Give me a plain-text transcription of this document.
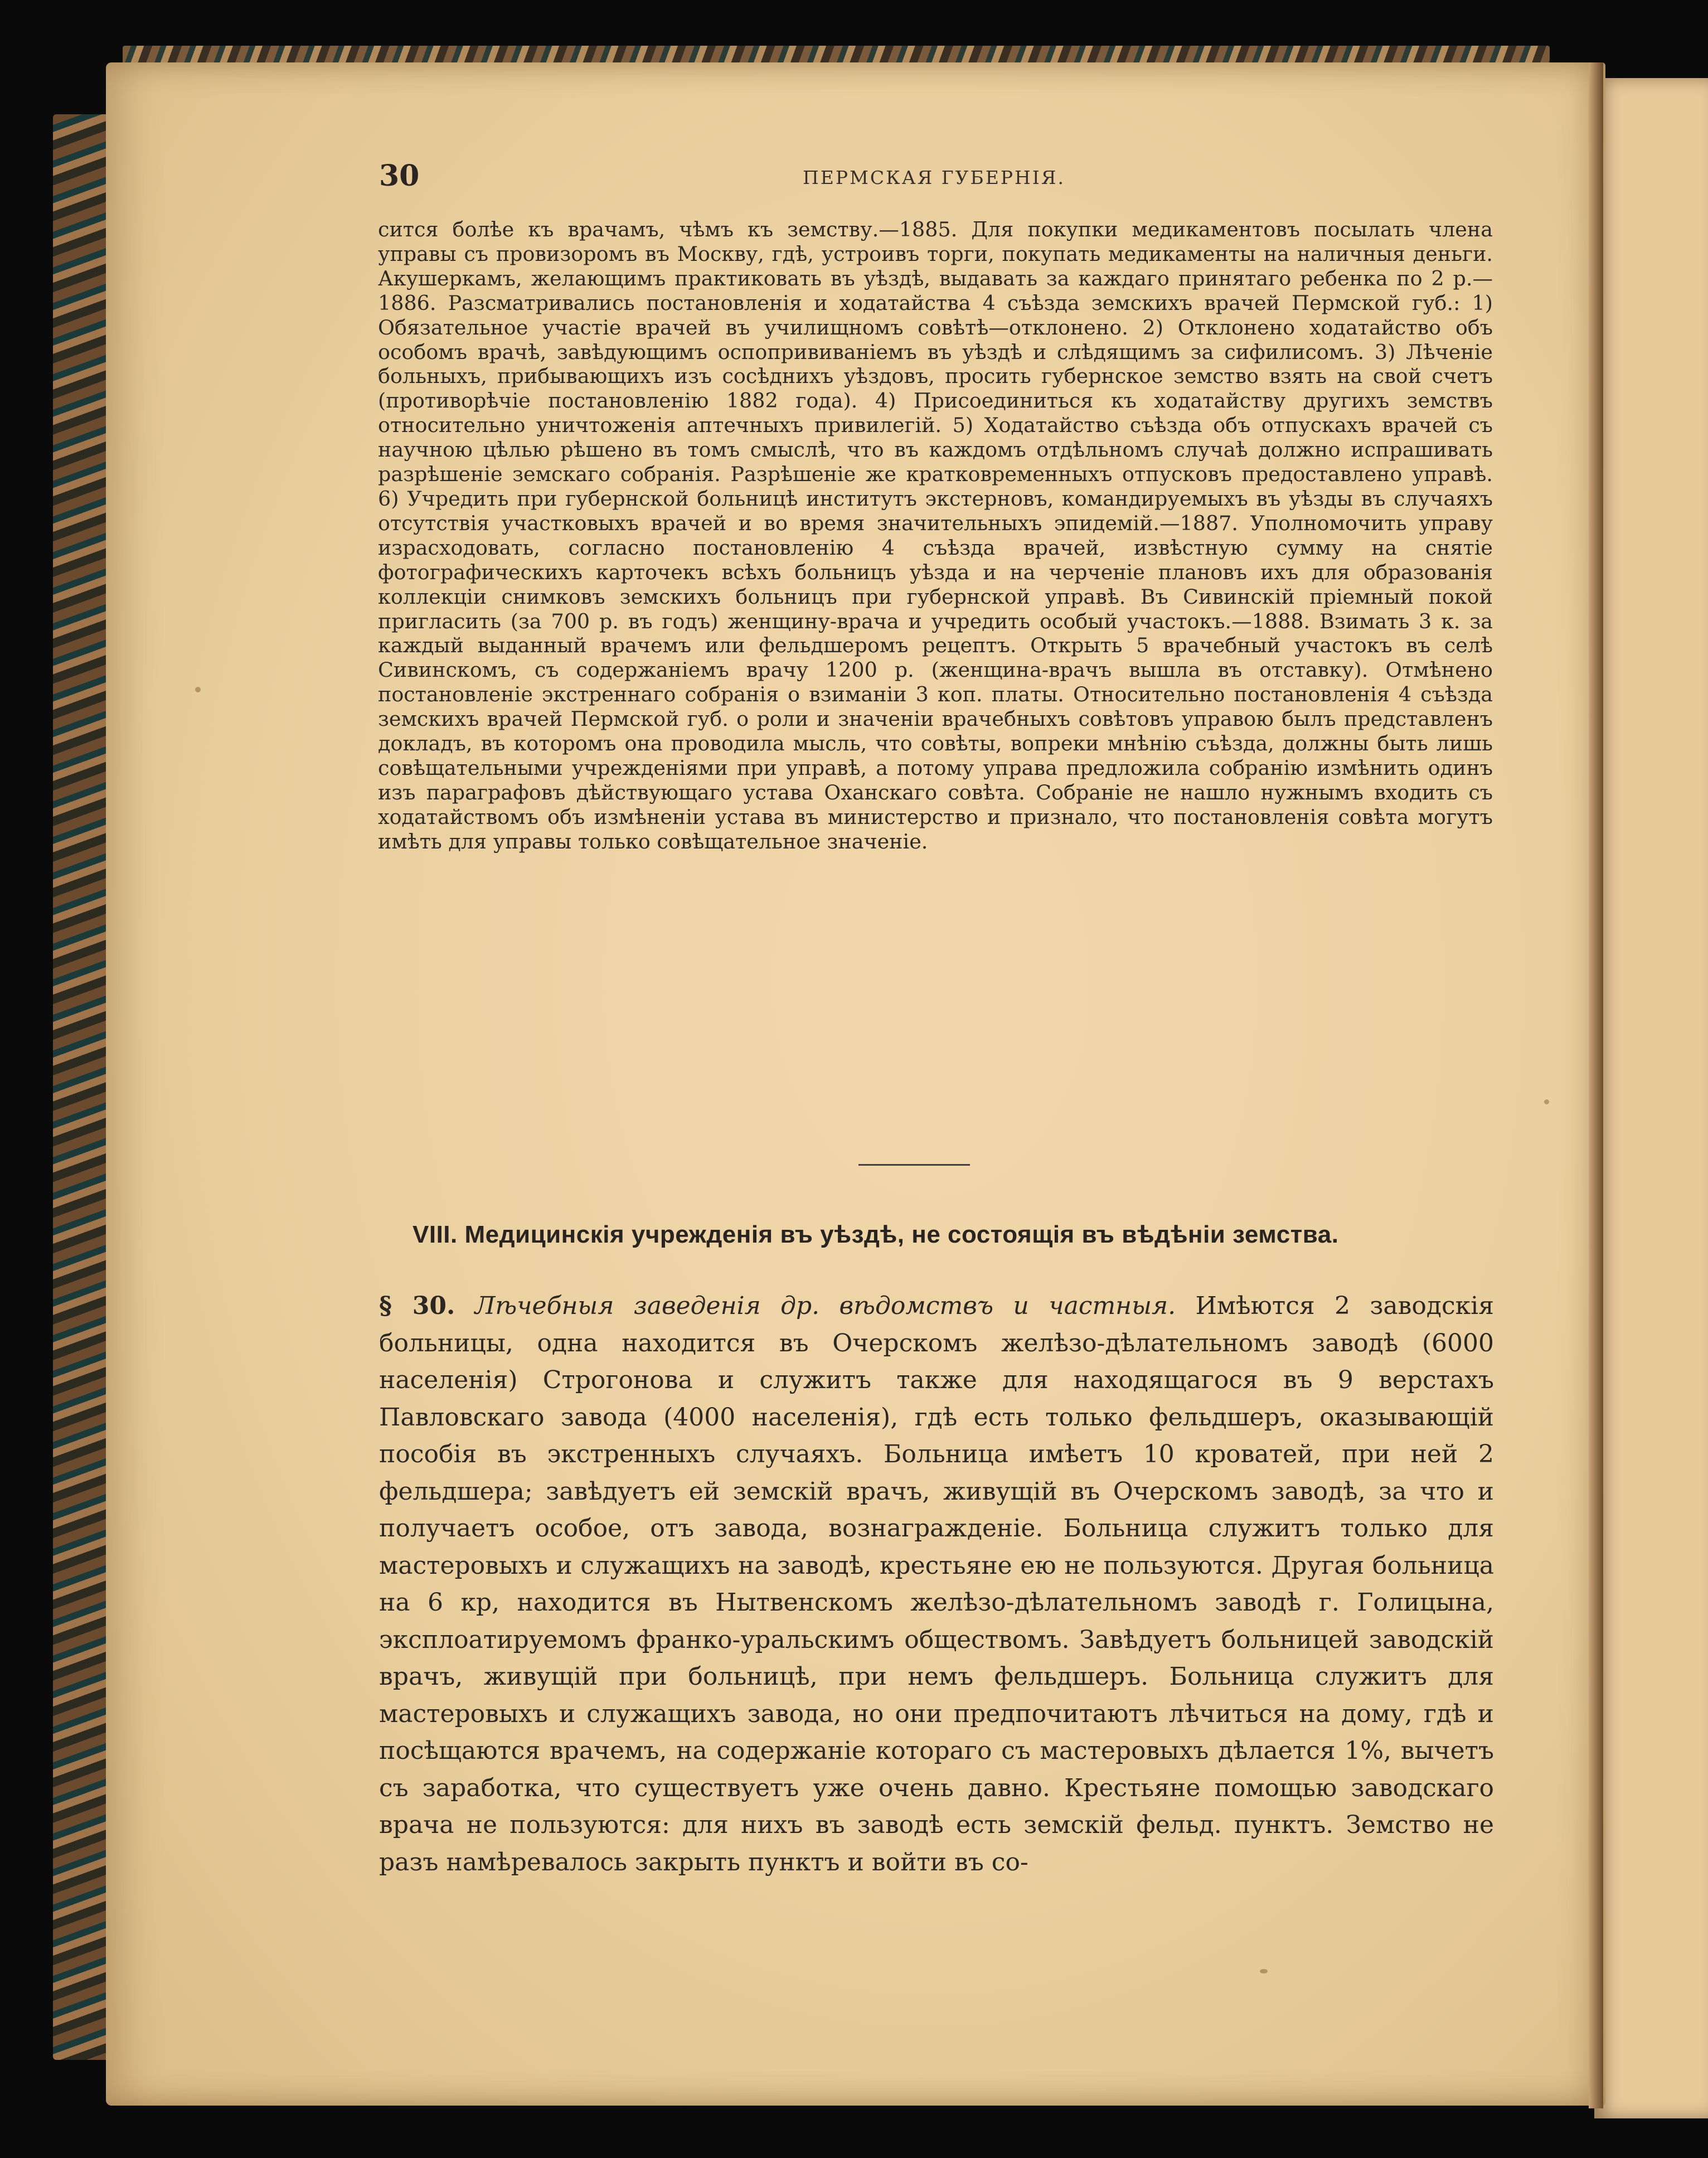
30	ПЕРМСКАЯ ГУБЕРНІЯ.

сится болѣе къ врачамъ, чѣмъ къ земству.—1885. Для покупки медикаментовъ посылать члена управы съ провизоромъ въ Москву, гдѣ, устроивъ торги, покупать медикаменты на наличныя деньги. Акушеркамъ, желающимъ практиковать въ уѣздѣ, выдавать за каждаго принятаго ребенка по 2 р.—1886. Разсматривались постановленія и ходатайства 4 съѣзда земскихъ врачей Пермской губ.: 1) Обязательное участіе врачей въ училищномъ совѣтѣ—отклонено. 2) Отклонено ходатайство объ особомъ врачѣ, завѣдующимъ оспопрививаніемъ въ уѣздѣ и слѣдящимъ за сифилисомъ. 3) Лѣченіе больныхъ, прибывающихъ изъ сосѣднихъ уѣздовъ, просить губернское земство взять на свой счетъ (противорѣчіе постановленію 1882 года). 4) Присоединиться къ ходатайству другихъ земствъ относительно уничтоженія аптечныхъ привилегій. 5) Ходатайство съѣзда объ отпускахъ врачей съ научною цѣлью рѣшено въ томъ смыслѣ, что въ каждомъ отдѣльномъ случаѣ должно испрашивать разрѣшеніе земскаго собранія. Разрѣшеніе же кратковременныхъ отпусковъ предоставлено управѣ. 6) Учредить при губернской больницѣ институтъ экстерновъ, командируемыхъ въ уѣзды въ случаяхъ отсутствія участковыхъ врачей и во время значительныхъ эпидемій.—1887. Уполномочить управу израсходовать, согласно постановленію 4 съѣзда врачей, извѣстную сумму на снятіе фотографическихъ карточекъ всѣхъ больницъ уѣзда и на черченіе плановъ ихъ для образованія коллекціи снимковъ земскихъ больницъ при губернской управѣ. Въ Сивинскій пріемный покой пригласить (за 700 р. въ годъ) женщину-врача и учредить особый участокъ.—1888. Взимать 3 к. за каждый выданный врачемъ или фельдшеромъ рецептъ. Открыть 5 врачебный участокъ въ селѣ Сивинскомъ, съ содержаніемъ врачу 1200 р. (женщина-врачъ вышла въ отставку). Отмѣнено постановленіе экстреннаго собранія о взиманіи 3 коп. платы. Относительно постановленія 4 съѣзда земскихъ врачей Пермской губ. о роли и значеніи врачебныхъ совѣтовъ управою былъ представленъ докладъ, въ которомъ она проводила мысль, что совѣты, вопреки мнѣнію съѣзда, должны быть лишь совѣщательными учрежденіями при управѣ, а потому управа предложила собранію измѣнить одинъ изъ параграфовъ дѣйствующаго устава Оханскаго совѣта. Собраніе не нашло нужнымъ входить съ ходатайствомъ объ измѣненіи устава въ министерство и признало, что постановленія совѣта могутъ имѣть для управы только совѣщательное значеніе.

VIII. Медицинскія учрежденія въ уѣздѣ, не состоящія въ вѣдѣніи земства.

§ 30. Лѣчебныя заведенія др. вѣдомствъ и частныя. Имѣются 2 заводскія больницы, одна находится въ Очерскомъ желѣзо-дѣлательномъ заводѣ (6000 населенія) Строгонова и служитъ также для находящагося въ 9 верстахъ Павловскаго завода (4000 населенія), гдѣ есть только фельдшеръ, оказывающій пособія въ экстренныхъ случаяхъ. Больница имѣетъ 10 кроватей, при ней 2 фельдшера; завѣдуетъ ей земскій врачъ, живущій въ Очерскомъ заводѣ, за что и получаетъ особое, отъ завода, вознагражденіе. Больница служитъ только для мастеровыхъ и служащихъ на заводѣ, крестьяне ею не пользуются. Другая больница на 6 кр, находится въ Нытвенскомъ желѣзо-дѣлательномъ заводѣ г. Голицына, эксплоатируемомъ франко-уральскимъ обществомъ. Завѣдуетъ больницей заводскій врачъ, живущій при больницѣ, при немъ фельдшеръ. Больница служитъ для мастеровыхъ и служащихъ завода, но они предпочитаютъ лѣчиться на дому, гдѣ и посѣщаются врачемъ, на содержаніе котораго съ мастеровыхъ дѣлается 1%, вычетъ съ заработка, что существуетъ уже очень давно. Крестьяне помощью заводскаго врача не пользуются: для нихъ въ заводѣ есть земскій фельд. пунктъ. Земство не разъ намѣревалось закрыть пунктъ и войти въ со-
